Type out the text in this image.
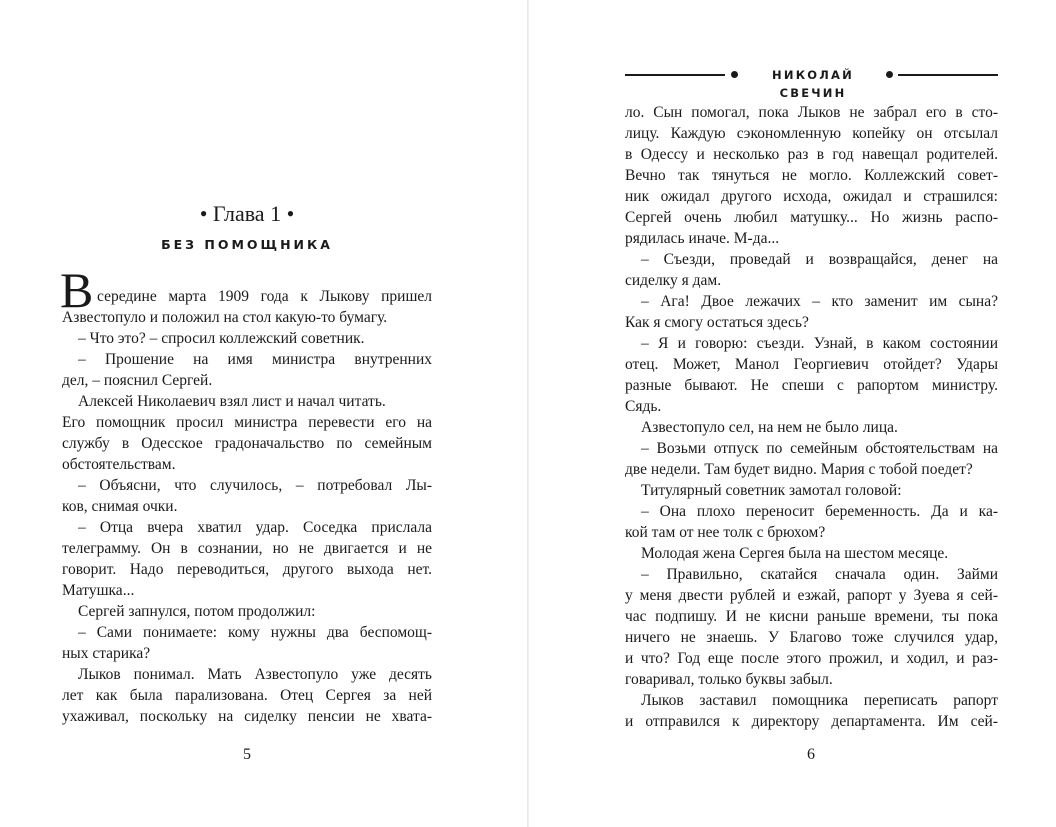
• Глава 1 •
БЕЗ ПОМОЩНИКА
В середине марта 1909 года к Лыкову пришел
Азвестопуло и положил на стол какую-то бумагу.
– Что это? – спросил коллежский советник.
– Прошение на имя министра внутренних
дел, – пояснил Сергей.
Алексей Николаевич взял лист и начал читать.
Его помощник просил министра перевести его на
службу в Одесское градоначальство по семейным
обстоятельствам.
– Объясни, что случилось, – потребовал Лы-
ков, снимая очки.
– Отца вчера хватил удар. Соседка прислала
телеграмму. Он в сознании, но не двигается и не
говорит. Надо переводиться, другого выхода нет.
Матушка...
Сергей запнулся, потом продолжил:
– Сами понимаете: кому нужны два беспомощ-
ных старика?
Лыков понимал. Мать Азвестопуло уже десять
лет как была парализована. Отец Сергея за ней
ухаживал, поскольку на сиделку пенсии не хвата-
5
НИКОЛАЙ СВЕЧИН
ло. Сын помогал, пока Лыков не забрал его в сто-
лицу. Каждую сэкономленную копейку он отсылал
в Одессу и несколько раз в год навещал родителей.
Вечно так тянуться не могло. Коллежский совет-
ник ожидал другого исхода, ожидал и страшился:
Сергей очень любил матушку... Но жизнь распо-
рядилась иначе. М-да...
– Съезди, проведай и возвращайся, денег на
сиделку я дам.
– Ага! Двое лежачих – кто заменит им сына?
Как я смогу остаться здесь?
– Я и говорю: съезди. Узнай, в каком состоянии
отец. Может, Манол Георгиевич отойдет? Удары
разные бывают. Не спеши с рапортом министру.
Сядь.
Азвестопуло сел, на нем не было лица.
– Возьми отпуск по семейным обстоятельствам на
две недели. Там будет видно. Мария с тобой поедет?
Титулярный советник замотал головой:
– Она плохо переносит беременность. Да и ка-
кой там от нее толк с брюхом?
Молодая жена Сергея была на шестом месяце.
– Правильно, скатайся сначала один. Займи
у меня двести рублей и езжай, рапорт у Зуева я сей-
час подпишу. И не кисни раньше времени, ты пока
ничего не знаешь. У Благово тоже случился удар,
и что? Год еще после этого прожил, и ходил, и раз-
говаривал, только буквы забыл.
Лыков заставил помощника переписать рапорт
и отправился к директору департамента. Им сей-
6
